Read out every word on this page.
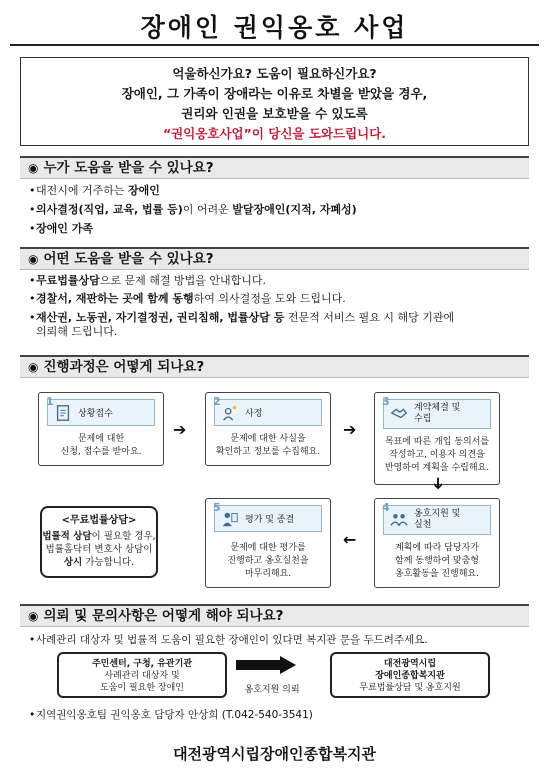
장애인 권익옹호 사업
억울하신가요? 도움이 필요하신가요?
장애인, 그 가족이 장애라는 이유로 차별을 받았을 경우,
권리와 인권을 보호받을 수 있도록
“권익옹호사업”이 당신을 도와드립니다.
◉ 누가 도움을 받을 수 있나요?
• 대전시에 거주하는 장애인
• 의사결정(직업, 교육, 법률 등)이 어려운 발달장애인(지적, 자폐성)
• 장애인 가족
◉ 어떤 도움을 받을 수 있나요?
• 무료법률상담으로 문제 해결 방법을 안내합니다.
• 경찰서, 재판하는 곳에 함께 동행하여 의사결정을 도와 드립니다.
• 재산권, 노동권, 자기결정권, 권리침해, 법률상담 등 전문적 서비스 필요 시 해당 기관에
의뢰해 드립니다.
◉ 진행과정은 어떻게 되나요?
1
상황접수
문제에 대한
신청, 접수를 받아요.
➔
2
사정
문제에 대한 사실을
확인하고 정보를 수집해요.
➔
3	계약체결 및
수립
목표에 따른 개입 동의서를
작성하고, 이용자 의견을
반영하여 계획을 수립해요.
➔
<무료법률상담>
법률적 상담이 필요할 경우,
법률홈닥터 변호사 상담이
상시 가능합니다.
5
평가 및 종결
문제에 대한 평가를
진행하고 옹호실천을
마무리해요.
←
4	옹호지원 및
실천
계획에 따라 담당자가
함께 동행하여 맞춤형
옹호활동을 진행해요.
◉ 의뢰 및 문의사항은 어떻게 해야 되나요?
• 사례관리 대상자 및 법률적 도움이 필요한 장애인이 있다면 복지관 문을 두드려주세요.
주민센터, 구청, 유관기관
사례관리 대상자 및
도움이 필요한 장애인	옹호지원 의뢰
대전광역시립
장애인종합복지관
무료법률상담 및 옹호지원
• 지역권익옹호팀 권익옹호 담당자 안상희 (T.042-540-3541)
대전광역시립장애인종합복지관
